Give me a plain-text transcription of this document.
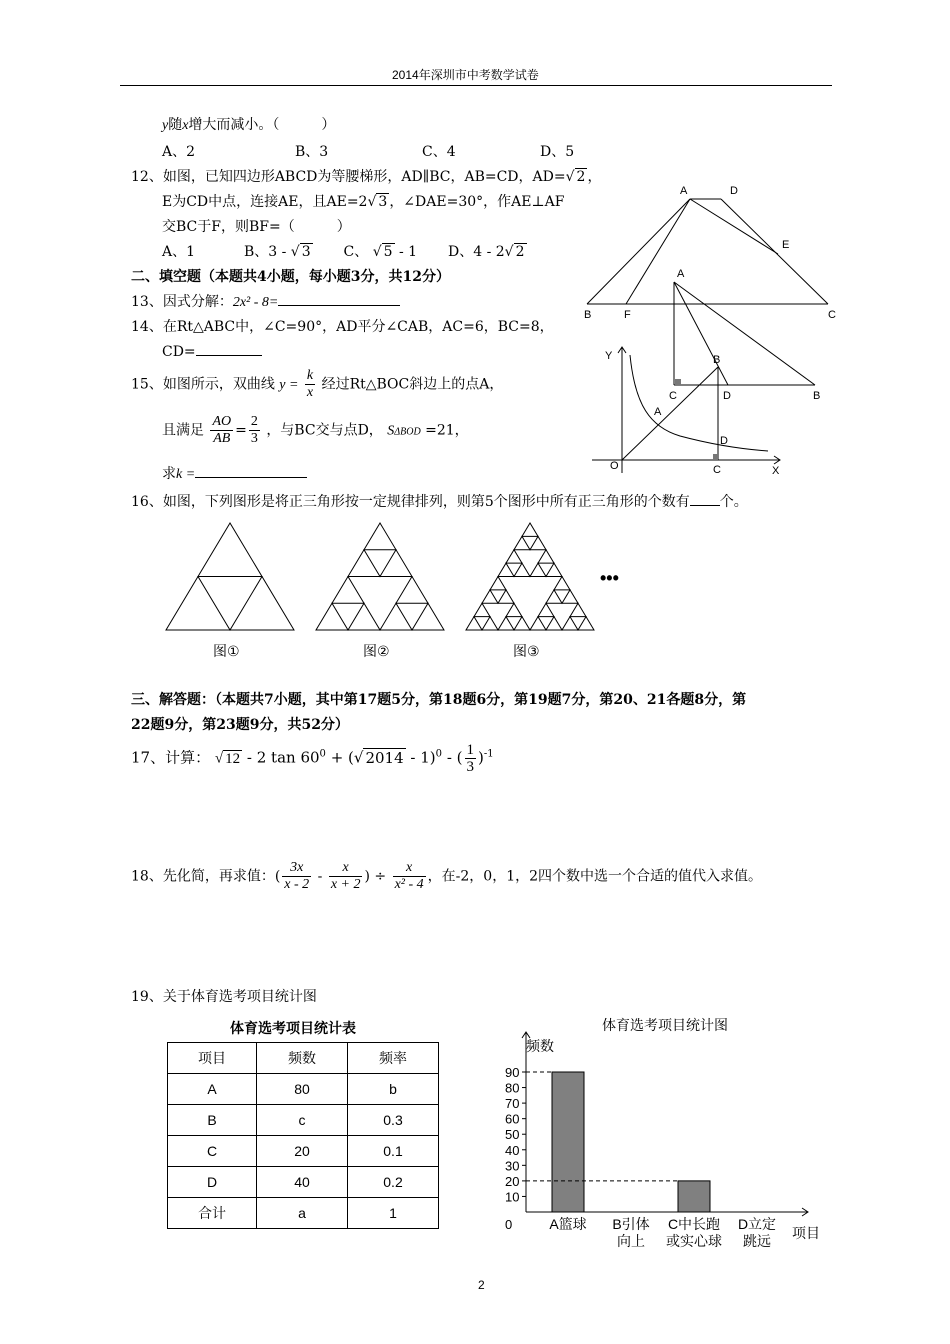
2014年深圳市中考数学试卷
y随x增大而减小。（　　　）
A、2	B、3	C、4	D、5
12、如图，已知四边形ABCD为等腰梯形，AD∥BC，AB=CD，AD=√ 2 ，
E为CD中点，连接AE，且AE=2√ 3 ，∠DAE=30°，作AE⊥AF
交BC于F，则BF=（　　　）
A、1	B、3 - √ 3 C、 √ 5 - 1 D、4 - 2√ 2
二、填空题（本题共4小题，每小题3分，共12分）
13、因式分解：2x² - 8=
14、在Rt△ABC中，∠C=90°，AD平分∠CAB，AC=6，BC=8，
CD=
15、如图所示，双曲线 $y = \frac{k}{x}$ 经过Rt△BOC斜边上的点A，
且满足 $\frac{AO}{AB} = \frac{2}{3}$ ，与BC交与点D， SΔBOD =21，
求k =
A	D
E
B	F	C
A
C	D	B
Y	B
A
D
O	C	X
16、如图，下列图形是将正三角形按一定规律排列，则第5个图形中所有正三角形的个数有 个。
•••
图①	图②	图③
三、解答题：（本题共7小题，其中第17题5分，第18题6分，第19题7分，第20、21各题8分，第
22题9分，第23题9分，共52分）
17、计算： √ 12 - 2 $\tan 60^0$ + (√ 2014 - 1)$^0$ - ( $\frac{1}{3} )^{-1}$
18、先化简，再求值：( $\frac{3x}{x - 2} - \frac{x}{x + 2}$ ) ÷ $\frac{x}{\text{x² - 4}}$ ，在-2，0，1，2四个数中选一个合适的值代入求值。
19、关于体育选考项目统计图
体育选考项目统计表
项目	频数	频率
A	80	b
B	c	0.3
C	20	0.1
D	40	0.2
合计	a	1
体育选考项目统计图
频数
项目
0
10
20
30
40
50
60
70
80
90
A篮球 B引体
向上
C中长跑
或实心球
D立定
跳远
2
